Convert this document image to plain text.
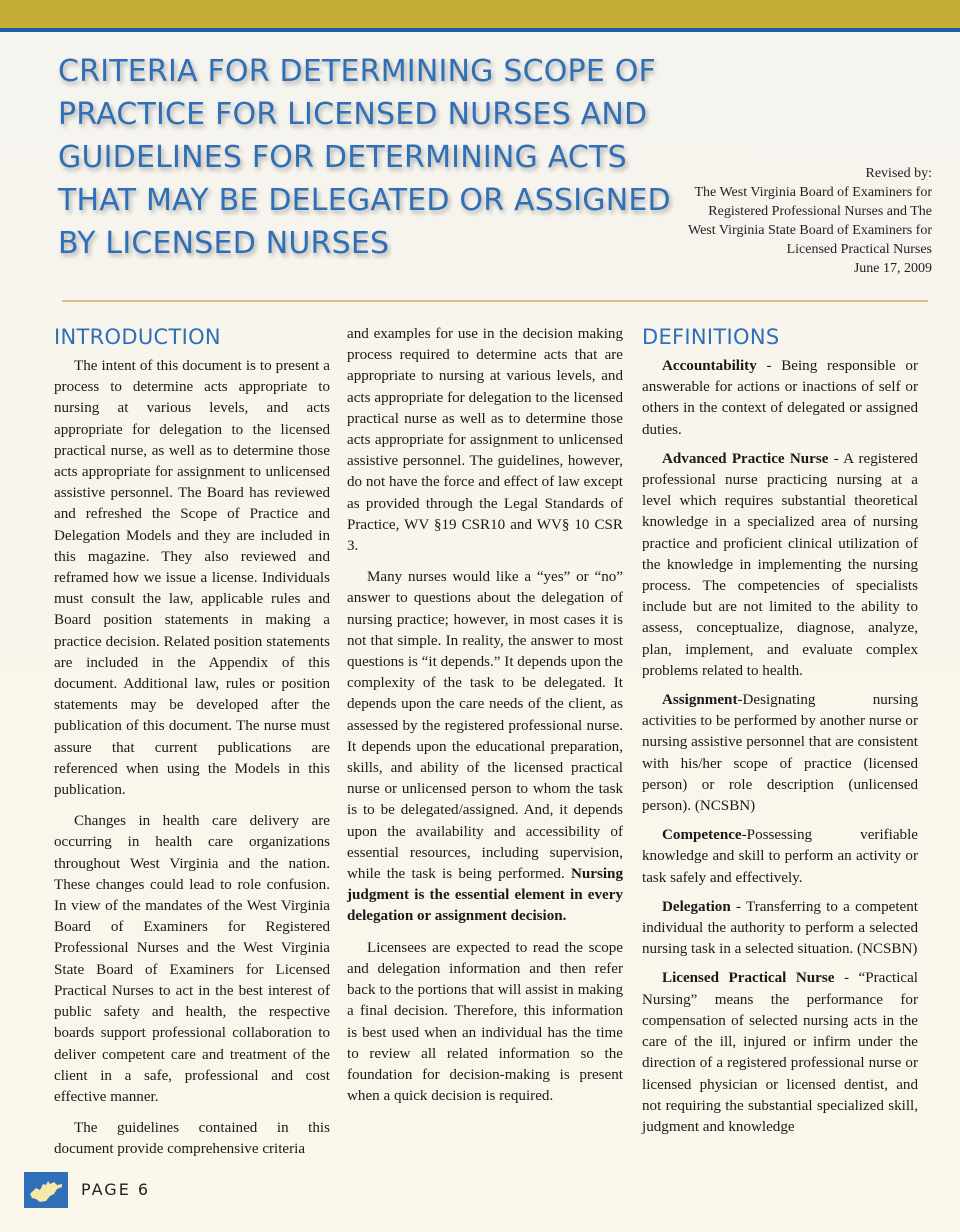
CRITERIA FOR DETERMINING SCOPE OF PRACTICE FOR LICENSED NURSES AND GUIDELINES FOR DETERMINING ACTS THAT MAY BE DELEGATED OR ASSIGNED BY LICENSED NURSES
Revised by:
The West Virginia Board of Examiners for
Registered Professional Nurses and The
West Virginia State Board of Examiners for
Licensed Practical Nurses
June 17, 2009
INTRODUCTION

The intent of this document is to present a process to determine acts appropriate to nursing at various levels, and acts appropriate for delegation to the licensed practical nurse, as well as to determine those acts appropriate for assignment to unlicensed assistive personnel. The Board has reviewed and refreshed the Scope of Practice and Delegation Models and they are included in this magazine. They also reviewed and reframed how we issue a license. Individuals must consult the law, applicable rules and Board position statements in making a practice decision. Related position statements are included in the Appendix of this document. Additional law, rules or position statements may be developed after the publication of this document. The nurse must assure that current publications are referenced when using the Models in this publication.

Changes in health care delivery are occurring in health care organizations throughout West Virginia and the nation. These changes could lead to role confusion. In view of the mandates of the West Virginia Board of Examiners for Registered Professional Nurses and the West Virginia State Board of Examiners for Licensed Practical Nurses to act in the best interest of public safety and health, the respective boards support professional collaboration to deliver competent care and treatment of the client in a safe, professional and cost effective manner.

The guidelines contained in this document provide comprehensive criteria

and examples for use in the decision making process required to determine acts that are appropriate to nursing at various levels, and acts appropriate for delegation to the licensed practical nurse as well as to determine those acts appropriate for assignment to unlicensed assistive personnel. The guidelines, however, do not have the force and effect of law except as provided through the Legal Standards of Practice, WV §19 CSR10 and WV§ 10 CSR 3.

Many nurses would like a “yes” or “no” answer to questions about the delegation of nursing practice; however, in most cases it is not that simple. In reality, the answer to most questions is “it depends.” It depends upon the complexity of the task to be delegated. It depends upon the care needs of the client, as assessed by the registered professional nurse. It depends upon the educational preparation, skills, and ability of the licensed practical nurse or unlicensed person to whom the task is to be delegated/assigned. And, it depends upon the availability and accessibility of essential resources, including supervision, while the task is being performed. Nursing judgment is the essential element in every delegation or assignment decision.

Licensees are expected to read the scope and delegation information and then refer back to the portions that will assist in making a final decision. Therefore, this information is best used when an individual has the time to review all related information so the foundation for decision-making is present when a quick decision is required.

DEFINITIONS

Accountability - Being responsible or answerable for actions or inactions of self or others in the context of delegated or assigned duties.

Advanced Practice Nurse - A registered professional nurse practicing nursing at a level which requires substantial theoretical knowledge in a specialized area of nursing practice and proficient clinical utilization of the knowledge in implementing the nursing process. The competencies of specialists include but are not limited to the ability to assess, conceptualize, diagnose, analyze, plan, implement, and evaluate complex problems related to health.

Assignment-Designating nursing activities to be performed by another nurse or nursing assistive personnel that are consistent with his/her scope of practice (licensed person) or role description (unlicensed person). (NCSBN)

Competence-Possessing verifiable knowledge and skill to perform an activity or task safely and effectively.

Delegation - Transferring to a competent individual the authority to perform a selected nursing task in a selected situation. (NCSBN)

Licensed Practical Nurse - “Practical Nursing” means the performance for compensation of selected nursing acts in the care of the ill, injured or infirm under the direction of a registered professional nurse or licensed physician or licensed dentist, and not requiring the substantial specialized skill, judgment and knowledge

PAGE 6
